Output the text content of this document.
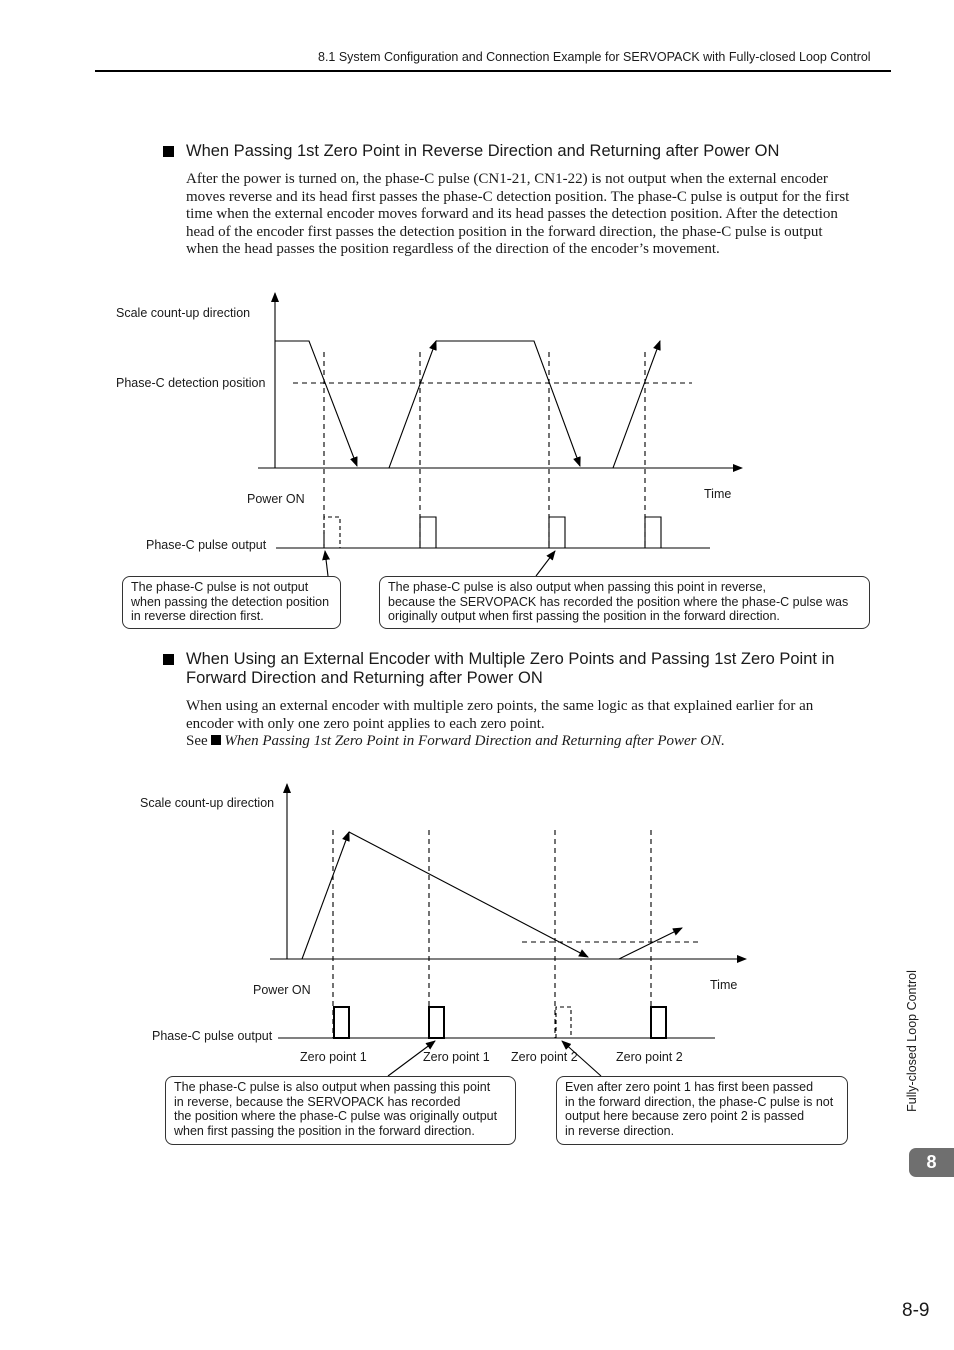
8.1 System Configuration and Connection Example for SERVOPACK with Fully-closed Loop Control
When Passing 1st Zero Point in Reverse Direction and Returning after Power ON
After the power is turned on, the phase-C pulse (CN1-21, CN1-22) is not output when the external encoder
moves reverse and its head first passes the phase-C detection position. The phase-C pulse is output for the first
time when the external encoder moves forward and its head passes the detection position. After the detection
head of the encoder first passes the detection position in the forward direction, the phase-C pulse is output
when the head passes the position regardless of the direction of the encoder’s movement.
Scale count-up direction
Phase-C detection position
Power ON	Time
Phase-C pulse output
When Using an External Encoder with Multiple Zero Points and Passing 1st Zero Point in
Forward Direction and Returning after Power ON
When using an external encoder with multiple zero points, the same logic as that explained earlier for an
encoder with only one zero point applies to each zero point.
See When Passing 1st Zero Point in Forward Direction and Returning after Power ON.
Scale count-up direction
Power ON	Time
Phase-C pulse output
Zero point 1	Zero point 1 Zero point 2	Zero point 2
The phase-C pulse is not output
when passing the detection position
in reverse direction first.
The phase-C pulse is also output when passing this point in reverse,
because the SERVOPACK has recorded the position where the phase-C pulse was
originally output when first passing the position in the forward direction.
The phase-C pulse is also output when passing this point
in reverse, because the SERVOPACK has recorded
the position where the phase-C pulse was originally output
when first passing the position in the forward direction.
Even after zero point 1 has first been passed
in the forward direction, the phase-C pulse is not
output here because zero point 2 is passed
in reverse direction.
Fully-closed Loop Control
8
8-9
